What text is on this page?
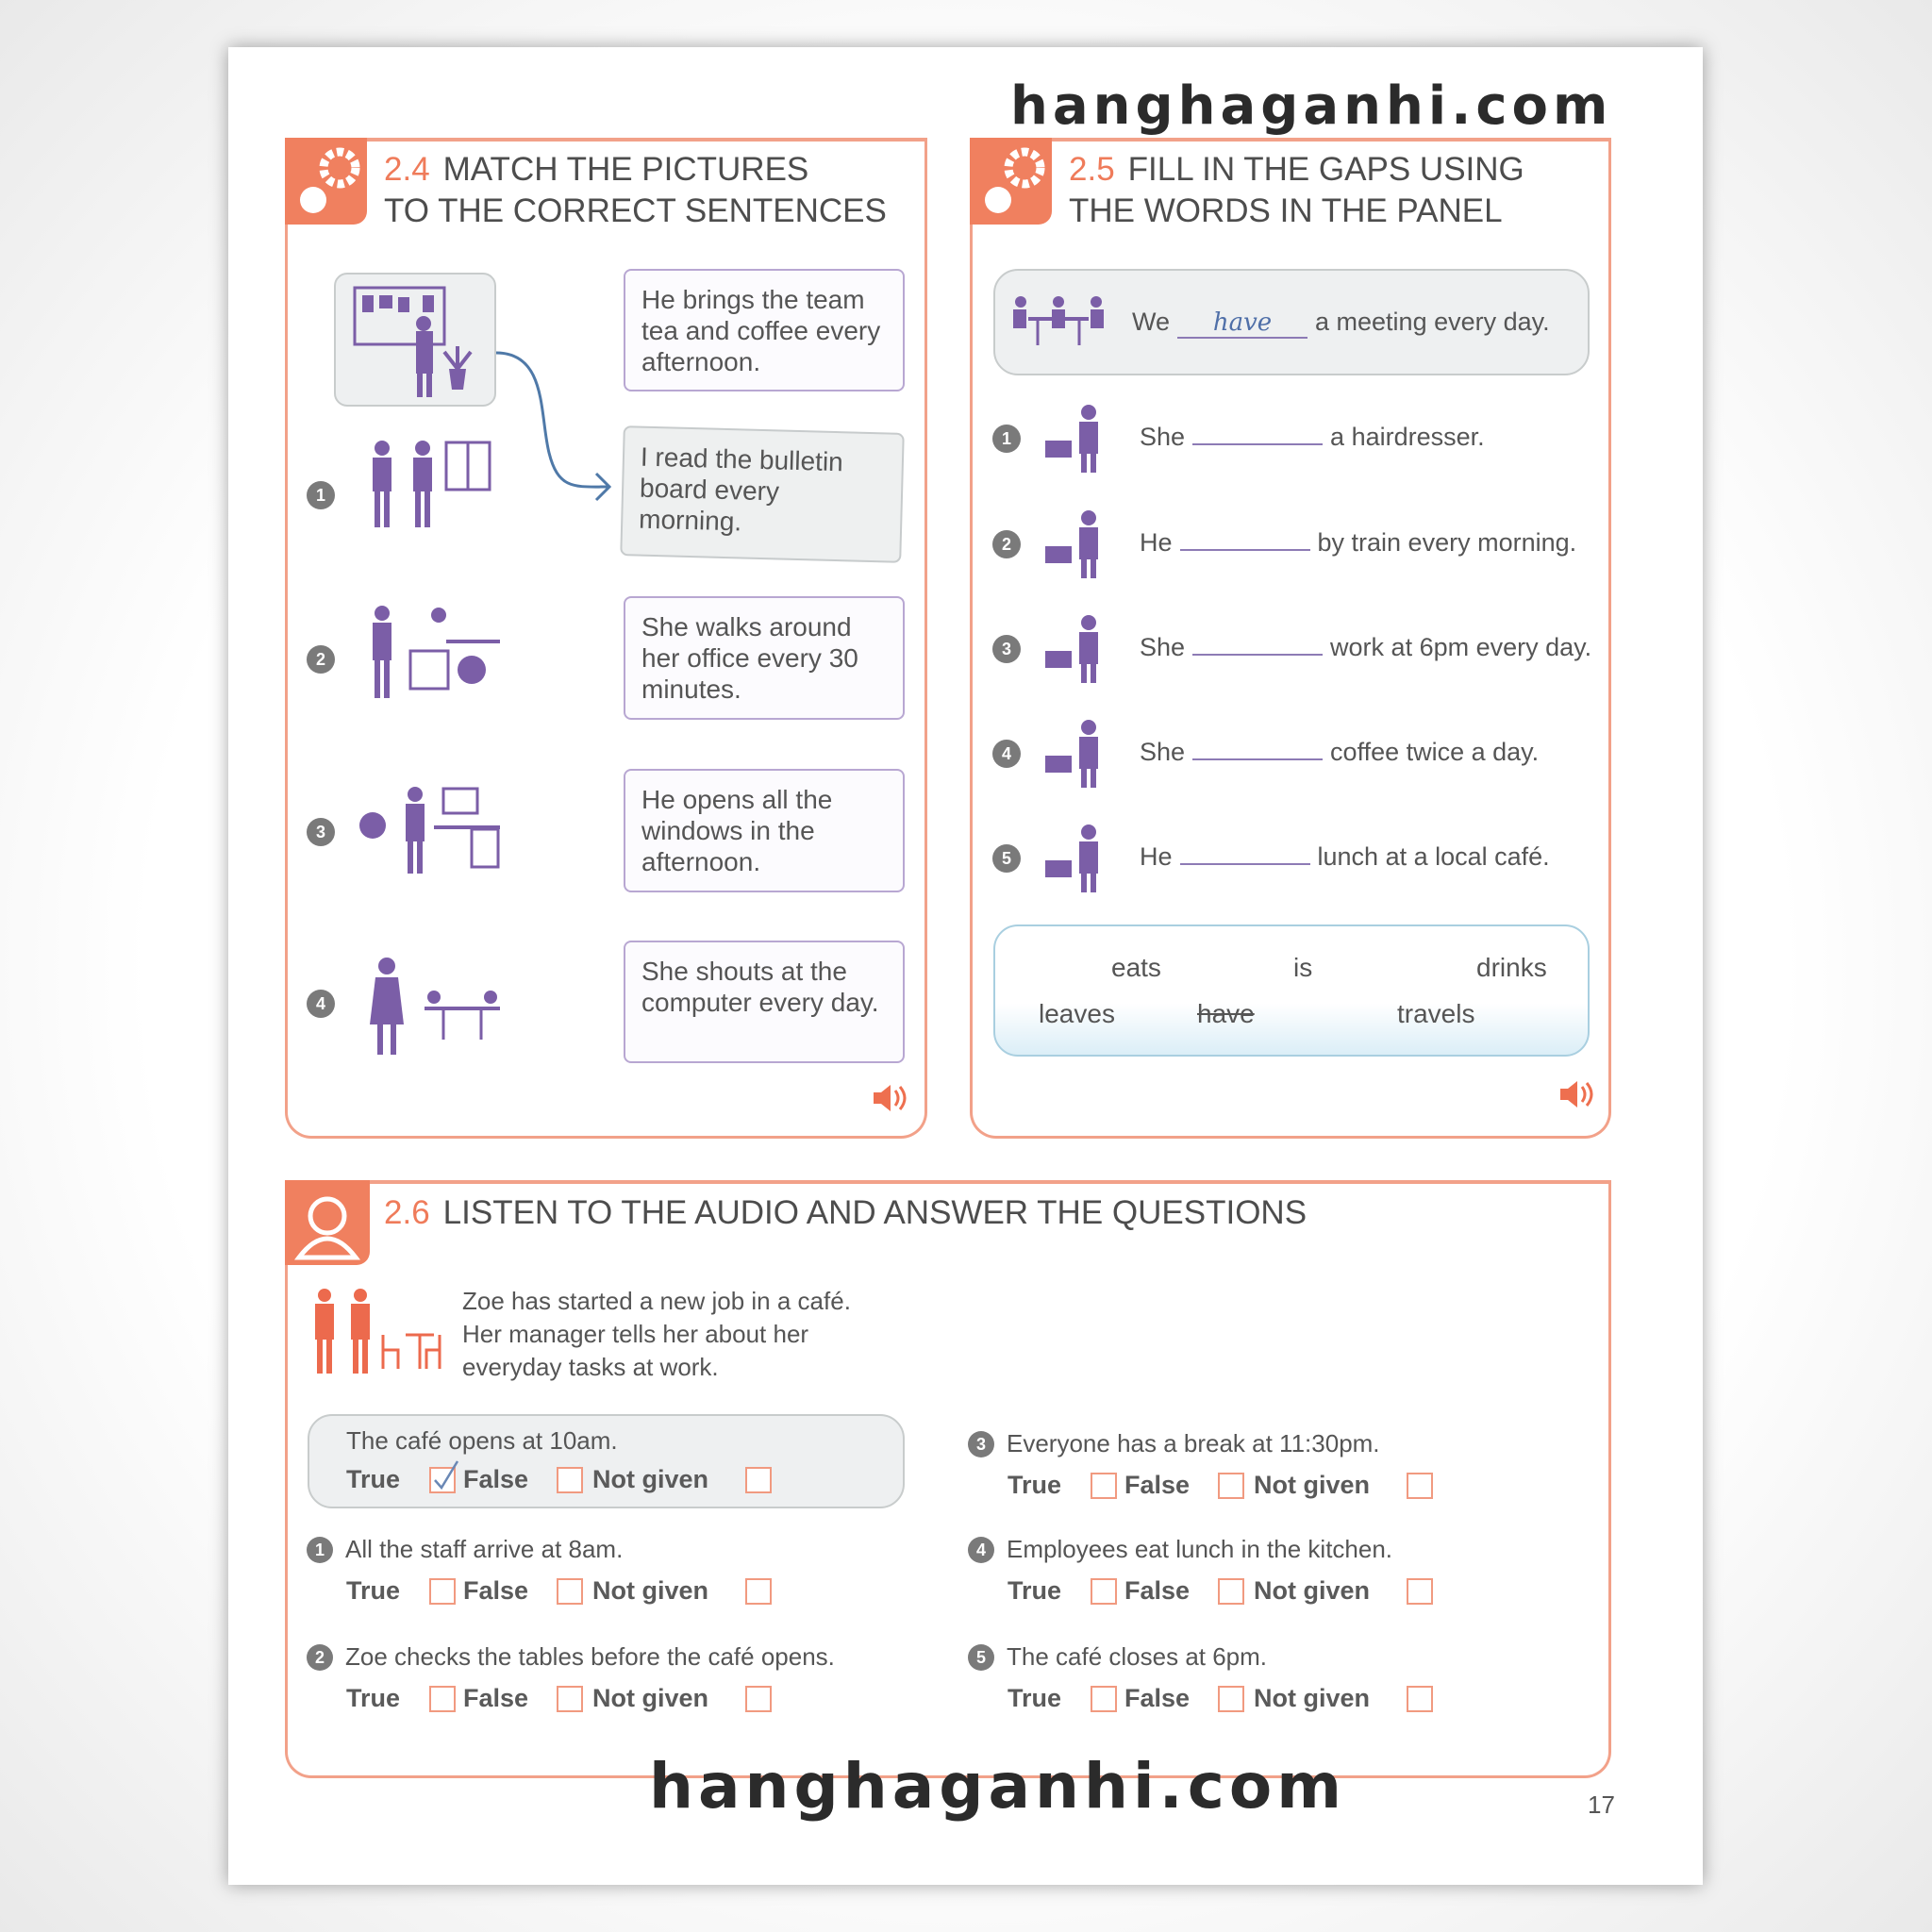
hanghaganhi.com
2.4 MATCH THE PICTURES
TO THE CORRECT SENTENCES
1
2
3
4
He brings the team tea and coffee every afternoon.
I read the bulletin board every morning.
She walks around her office every 30 minutes.
He opens all the windows in the afternoon.
She shouts at the computer every day.
2.5 FILL IN THE GAPS USING
THE WORDS IN THE PANEL
We have a meeting every day.
1	She	a hairdresser.
2	He	by train every morning.
3	She	work at 6pm every day.
4	She	coffee twice a day.
5	He	lunch at a local café.
eats	is	drinks
leaves	have	travels
2.6 LISTEN TO THE AUDIO AND ANSWER THE QUESTIONS
Zoe has started a new job in a café.
Her manager tells her about her
everyday tasks at work.
The café opens at 10am.
True False	Not given
1 All the staff arrive at 8am.
True False	Not given
2 Zoe checks the tables before the café opens.
True False	Not given
3 Everyone has a break at 11:30pm.
True False	Not given
4 Employees eat lunch in the kitchen.
True False	Not given
5 The café closes at 6pm.
True False	Not given
hanghaganhi.com	17
